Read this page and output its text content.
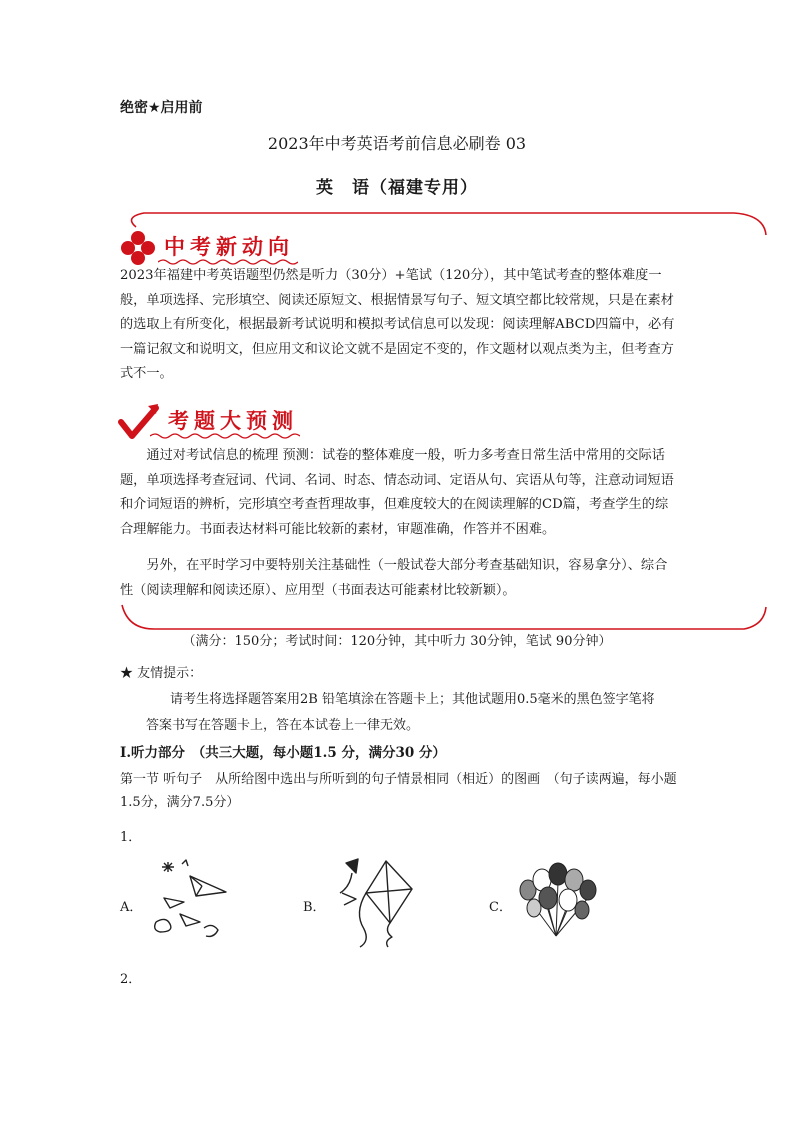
绝密★启用前
2023年中考英语考前信息必刷卷 03
英　语（福建专用）
中考新动向
2023年福建中考英语题型仍然是听力（30分）+笔试（120分），其中笔试考查的整体难度一般，单项选择、完形填空、阅读还原短文、根据情景写句子、短文填空都比较常规，只是在素材的选取上有所变化，根据最新考试说明和模拟考试信息可以发现：阅读理解ABCD四篇中，必有一篇记叙文和说明文，但应用文和议论文就不是固定不变的，作文题材以观点类为主，但考查方式不一。
考题大预测
通过对考试信息的梳理 预测：试卷的整体难度一般，听力多考查日常生活中常用的交际话题，单项选择考查冠词、代词、名词、时态、情态动词、定语从句、宾语从句等，注意动词短语和介词短语的辨析，完形填空考查哲理故事，但难度较大的在阅读理解的CD篇，考查学生的综合理解能力。书面表达材料可能比较新的素材，审题准确，作答并不困难。
另外，在平时学习中要特别关注基础性（一般试卷大部分考查基础知识，容易拿分）、综合性（阅读理解和阅读还原）、应用型（书面表达可能素材比较新颖）。
（满分：150分；考试时间：120分钟，其中听力 30分钟，笔试 90分钟）
★ 友情提示：
请考生将选择题答案用2B 铅笔填涂在答题卡上；其他试题用0.5毫米的黑色签字笔将
答案书写在答题卡上，答在本试卷上一律无效。
I.听力部分　（共三大题，每小题1.5 分，满分30 分）
第一节 听句子　从所给图中选出与所听到的句子情景相同（相近）的图画　（句子读两遍，每小题 1.5分，满分7.5分）
1．
A．	B．	C．
2．
